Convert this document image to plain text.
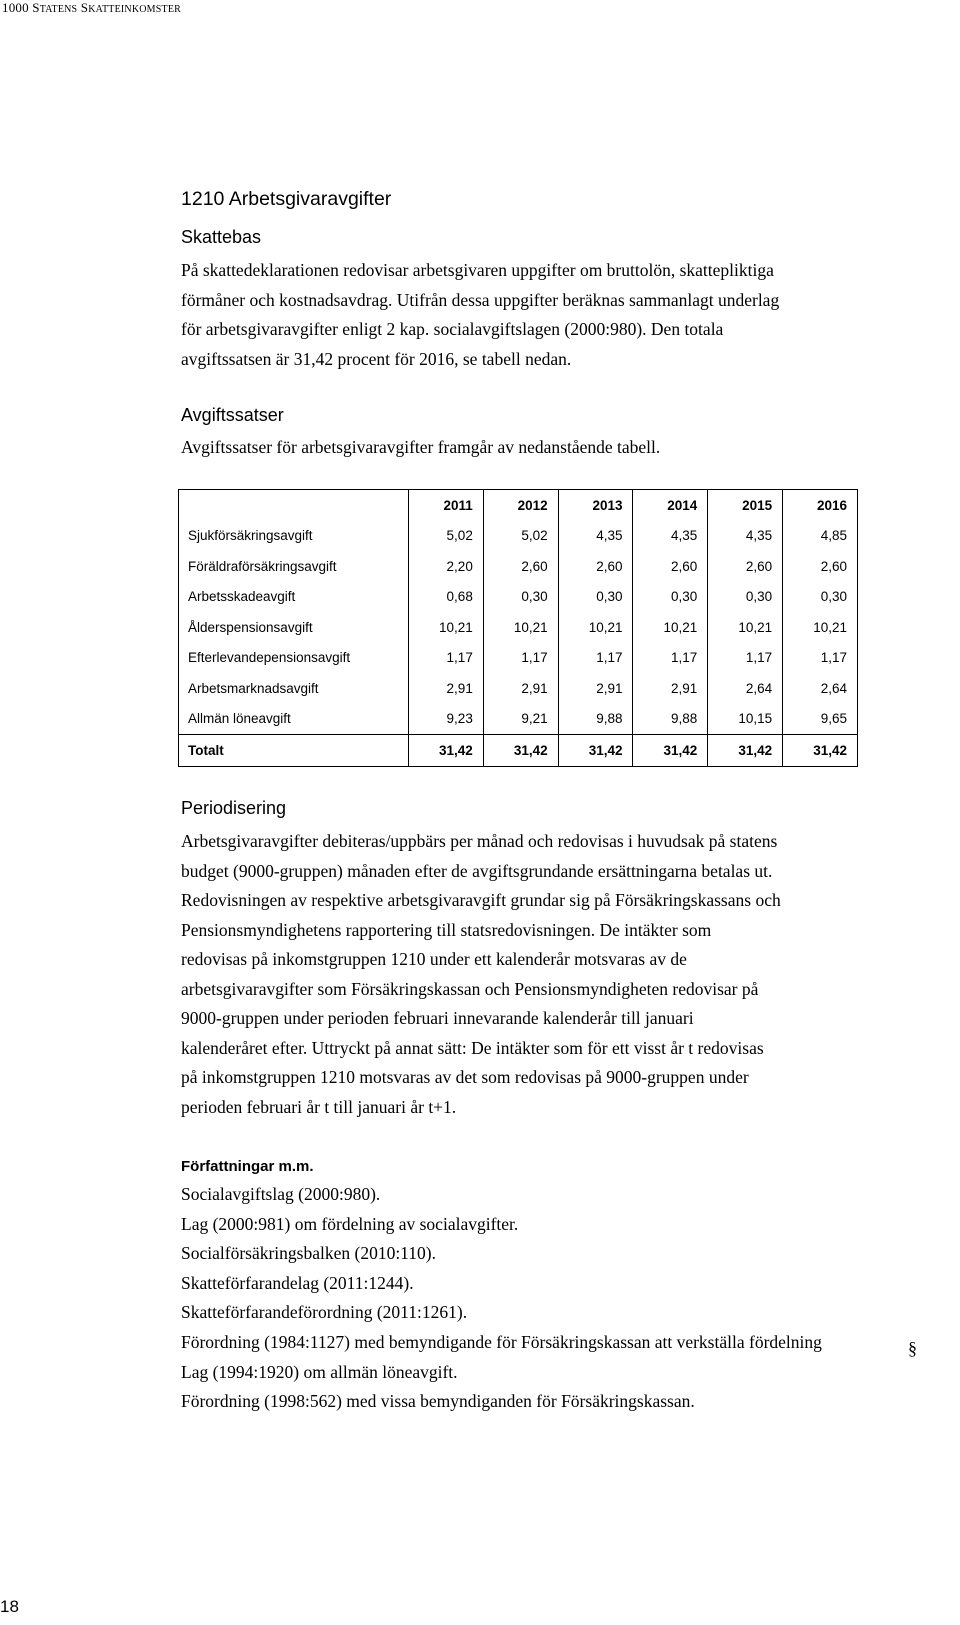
1000 STATENS SKATTEINKOMSTER
1210 Arbetsgivaravgifter
Skattebas
På skattedeklarationen redovisar arbetsgivaren uppgifter om bruttolön, skattepliktiga
förmåner och kostnadsavdrag. Utifrån dessa uppgifter beräknas sammanlagt underlag
för arbetsgivaravgifter enligt 2 kap. socialavgiftslagen (2000:980). Den totala
avgiftssatsen är 31,42 procent för 2016, se tabell nedan.
Avgiftssatser
Avgiftssatser för arbetsgivaravgifter framgår av nedanstående tabell.
	2011	2012	2013	2014	2015	2016
Sjukförsäkringsavgift	5,02	5,02	4,35	4,35	4,35	4,85
Föräldraförsäkringsavgift	2,20	2,60	2,60	2,60	2,60	2,60
Arbetsskadeavgift	0,68	0,30	0,30	0,30	0,30	0,30
Ålderspensionsavgift	10,21	10,21	10,21	10,21	10,21	10,21
Efterlevandepensionsavgift	1,17	1,17	1,17	1,17	1,17	1,17
Arbetsmarknadsavgift	2,91	2,91	2,91	2,91	2,64	2,64
Allmän löneavgift	9,23	9,21	9,88	9,88	10,15	9,65
Totalt	31,42	31,42	31,42	31,42	31,42	31,42
Periodisering
Arbetsgivaravgifter debiteras/uppbärs per månad och redovisas i huvudsak på statens
budget (9000-gruppen) månaden efter de avgiftsgrundande ersättningarna betalas ut.
Redovisningen av respektive arbetsgivaravgift grundar sig på Försäkringskassans och
Pensionsmyndighetens rapportering till statsredovisningen. De intäkter som
redovisas på inkomstgruppen 1210 under ett kalenderår motsvaras av de
arbetsgivaravgifter som Försäkringskassan och Pensionsmyndigheten redovisar på
9000-gruppen under perioden februari innevarande kalenderår till januari
kalenderåret efter. Uttryckt på annat sätt: De intäkter som för ett visst år t redovisas
på inkomstgruppen 1210 motsvaras av det som redovisas på 9000-gruppen under
perioden februari år t till januari år t+1.
Författningar m.m.
Socialavgiftslag (2000:980).
Lag (2000:981) om fördelning av socialavgifter.
Socialförsäkringsbalken (2010:110).
Skatteförfarandelag (2011:1244).
Skatteförfarandeförordning (2011:1261).
Förordning (1984:1127) med bemyndigande för Försäkringskassan att verkställa fördelning
Lag (1994:1920) om allmän löneavgift.
Förordning (1998:562) med vissa bemyndiganden för Försäkringskassan.
§
18
